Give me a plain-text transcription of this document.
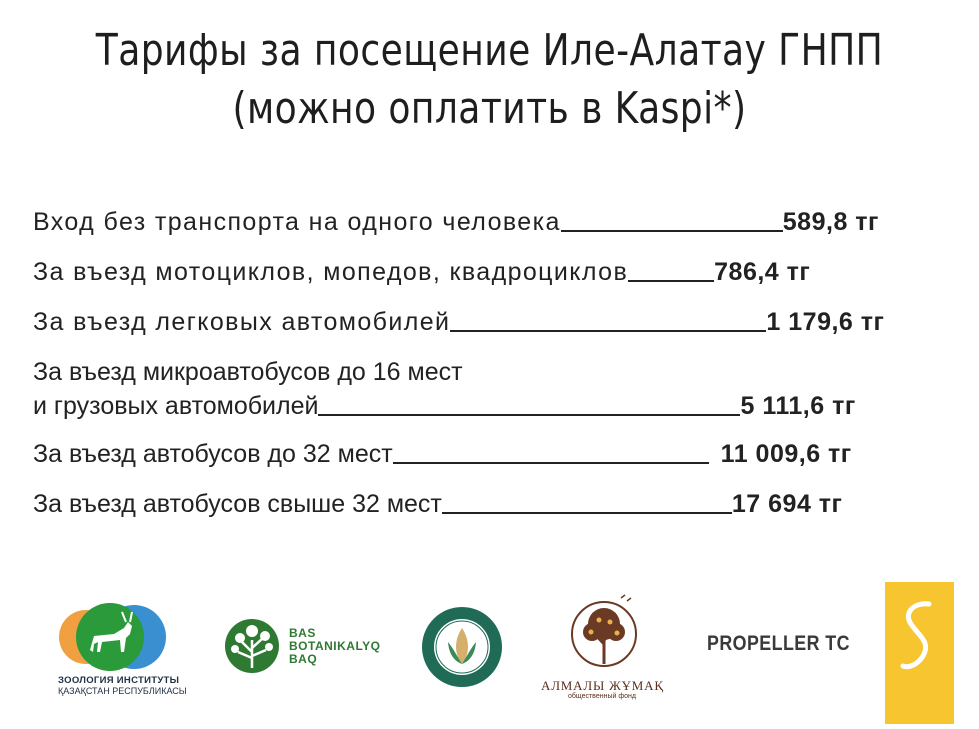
Тарифы за посещение Иле-Алатау ГНПП
(можно оплатить в Kaspi*)
Вход без транспорта на одного человека	589,8 тг
За въезд мотоциклов, мопедов, квадроциклов	786,4 тг
За въезд легковых автомобилей	1 179,6 тг
За въезд микроавтобусов до 16 мест
и грузовых автомобилей	5 111,6 тг
За въезд автобусов до 32 мест	11 009,6 тг
За въезд автобусов свыше 32 мест	17 694 тг
ЗООЛОГИЯ ИНСТИТУТЫ
ҚАЗАҚСТАН РЕСПУБЛИКАСЫ
BAS
BOTANIKALYQ
BAQ
АЛМАЛЫ ЖҰМАҚ
общественный фонд
PROPELLER TC
